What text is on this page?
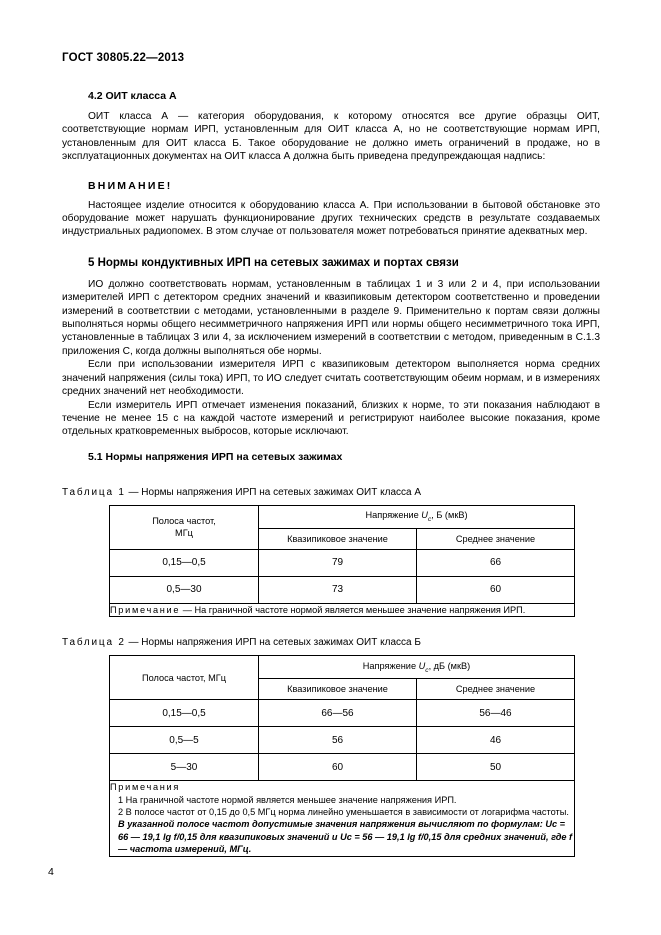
ГОСТ 30805.22—2013
4.2 ОИТ класса А

ОИТ класса А — категория оборудования, к которому относятся все другие образцы ОИТ, соответствующие нормам ИРП, установленным для ОИТ класса А, но не соответствующие нормам ИРП, установленным для ОИТ класса Б. Такое оборудование не должно иметь ограничений в продаже, но в эксплуатационных документах на ОИТ класса А должна быть приведена предупреждающая надпись:

ВНИМАНИЕ!

Настоящее изделие относится к оборудованию класса А. При использовании в бытовой обстановке это оборудование может нарушать функционирование других технических средств в результате создаваемых индустриальных радиопомех. В этом случае от пользователя может потребоваться принятие адекватных мер.

5 Нормы кондуктивных ИРП на сетевых зажимах и портах связи

ИО должно соответствовать нормам, установленным в таблицах 1 и 3 или 2 и 4, при использовании измерителей ИРП с детектором средних значений и квазипиковым детектором соответственно и проведении измерений в соответствии с методами, установленными в разделе 9. Применительно к портам связи должны выполняться нормы общего несимметричного напряжения ИРП или нормы общего несимметричного тока ИРП, установленные в таблицах 3 или 4, за исключением измерений в соответствии с методом, приведенным в С.1.3 приложения С, когда должны выполняться обе нормы.

Если при использовании измерителя ИРП с квазипиковым детектором выполняется норма средних значений напряжения (силы тока) ИРП, то ИО следует считать соответствующим обеим нормам, и в измерениях средних значений нет необходимости.

Если измеритель ИРП отмечает изменения показаний, близких к норме, то эти показания наблюдают в течение не менее 15 с на каждой частоте измерений и регистрируют наиболее высокие показания, кроме отдельных кратковременных выбросов, которые исключают.

5.1 Нормы напряжения ИРП на сетевых зажимах
Таблица 1 — Нормы напряжения ИРП на сетевых зажимах ОИТ класса А
Полоса частот,
МГц	Напряжение $U_c$, Б (мкВ)	
	Квазипиковое значение	Среднее значение
0,15—0,5	79	66
0,5—30	73	60
Примечание — На граничной частоте нормой является меньшее значение напряжения ИРП.		
Таблица 2 — Нормы напряжения ИРП на сетевых зажимах ОИТ класса Б
Полоса частот, МГц	Напряжение $U_c$, дБ (мкВ)	
	Квазипиковое значение	Среднее значение
0,15—0,5	66—56	56—46
0,5—5	56	46
5—30	60	50

Примечания
1 На граничной частоте нормой является меньшее значение напряжения ИРП.
2 В полосе частот от 0,15 до 0,5 МГц норма линейно уменьшается в зависимости от логарифма частоты. В указанной полосе частот допустимые значения напряжения вычисляют по формулам: Uc = 66 — 19,1 lg f/0,15 для квазипиковых значений и Uc = 56 — 19,1 lg f/0,15 для средних значений, где f — частота измерений, МГц.		
4
